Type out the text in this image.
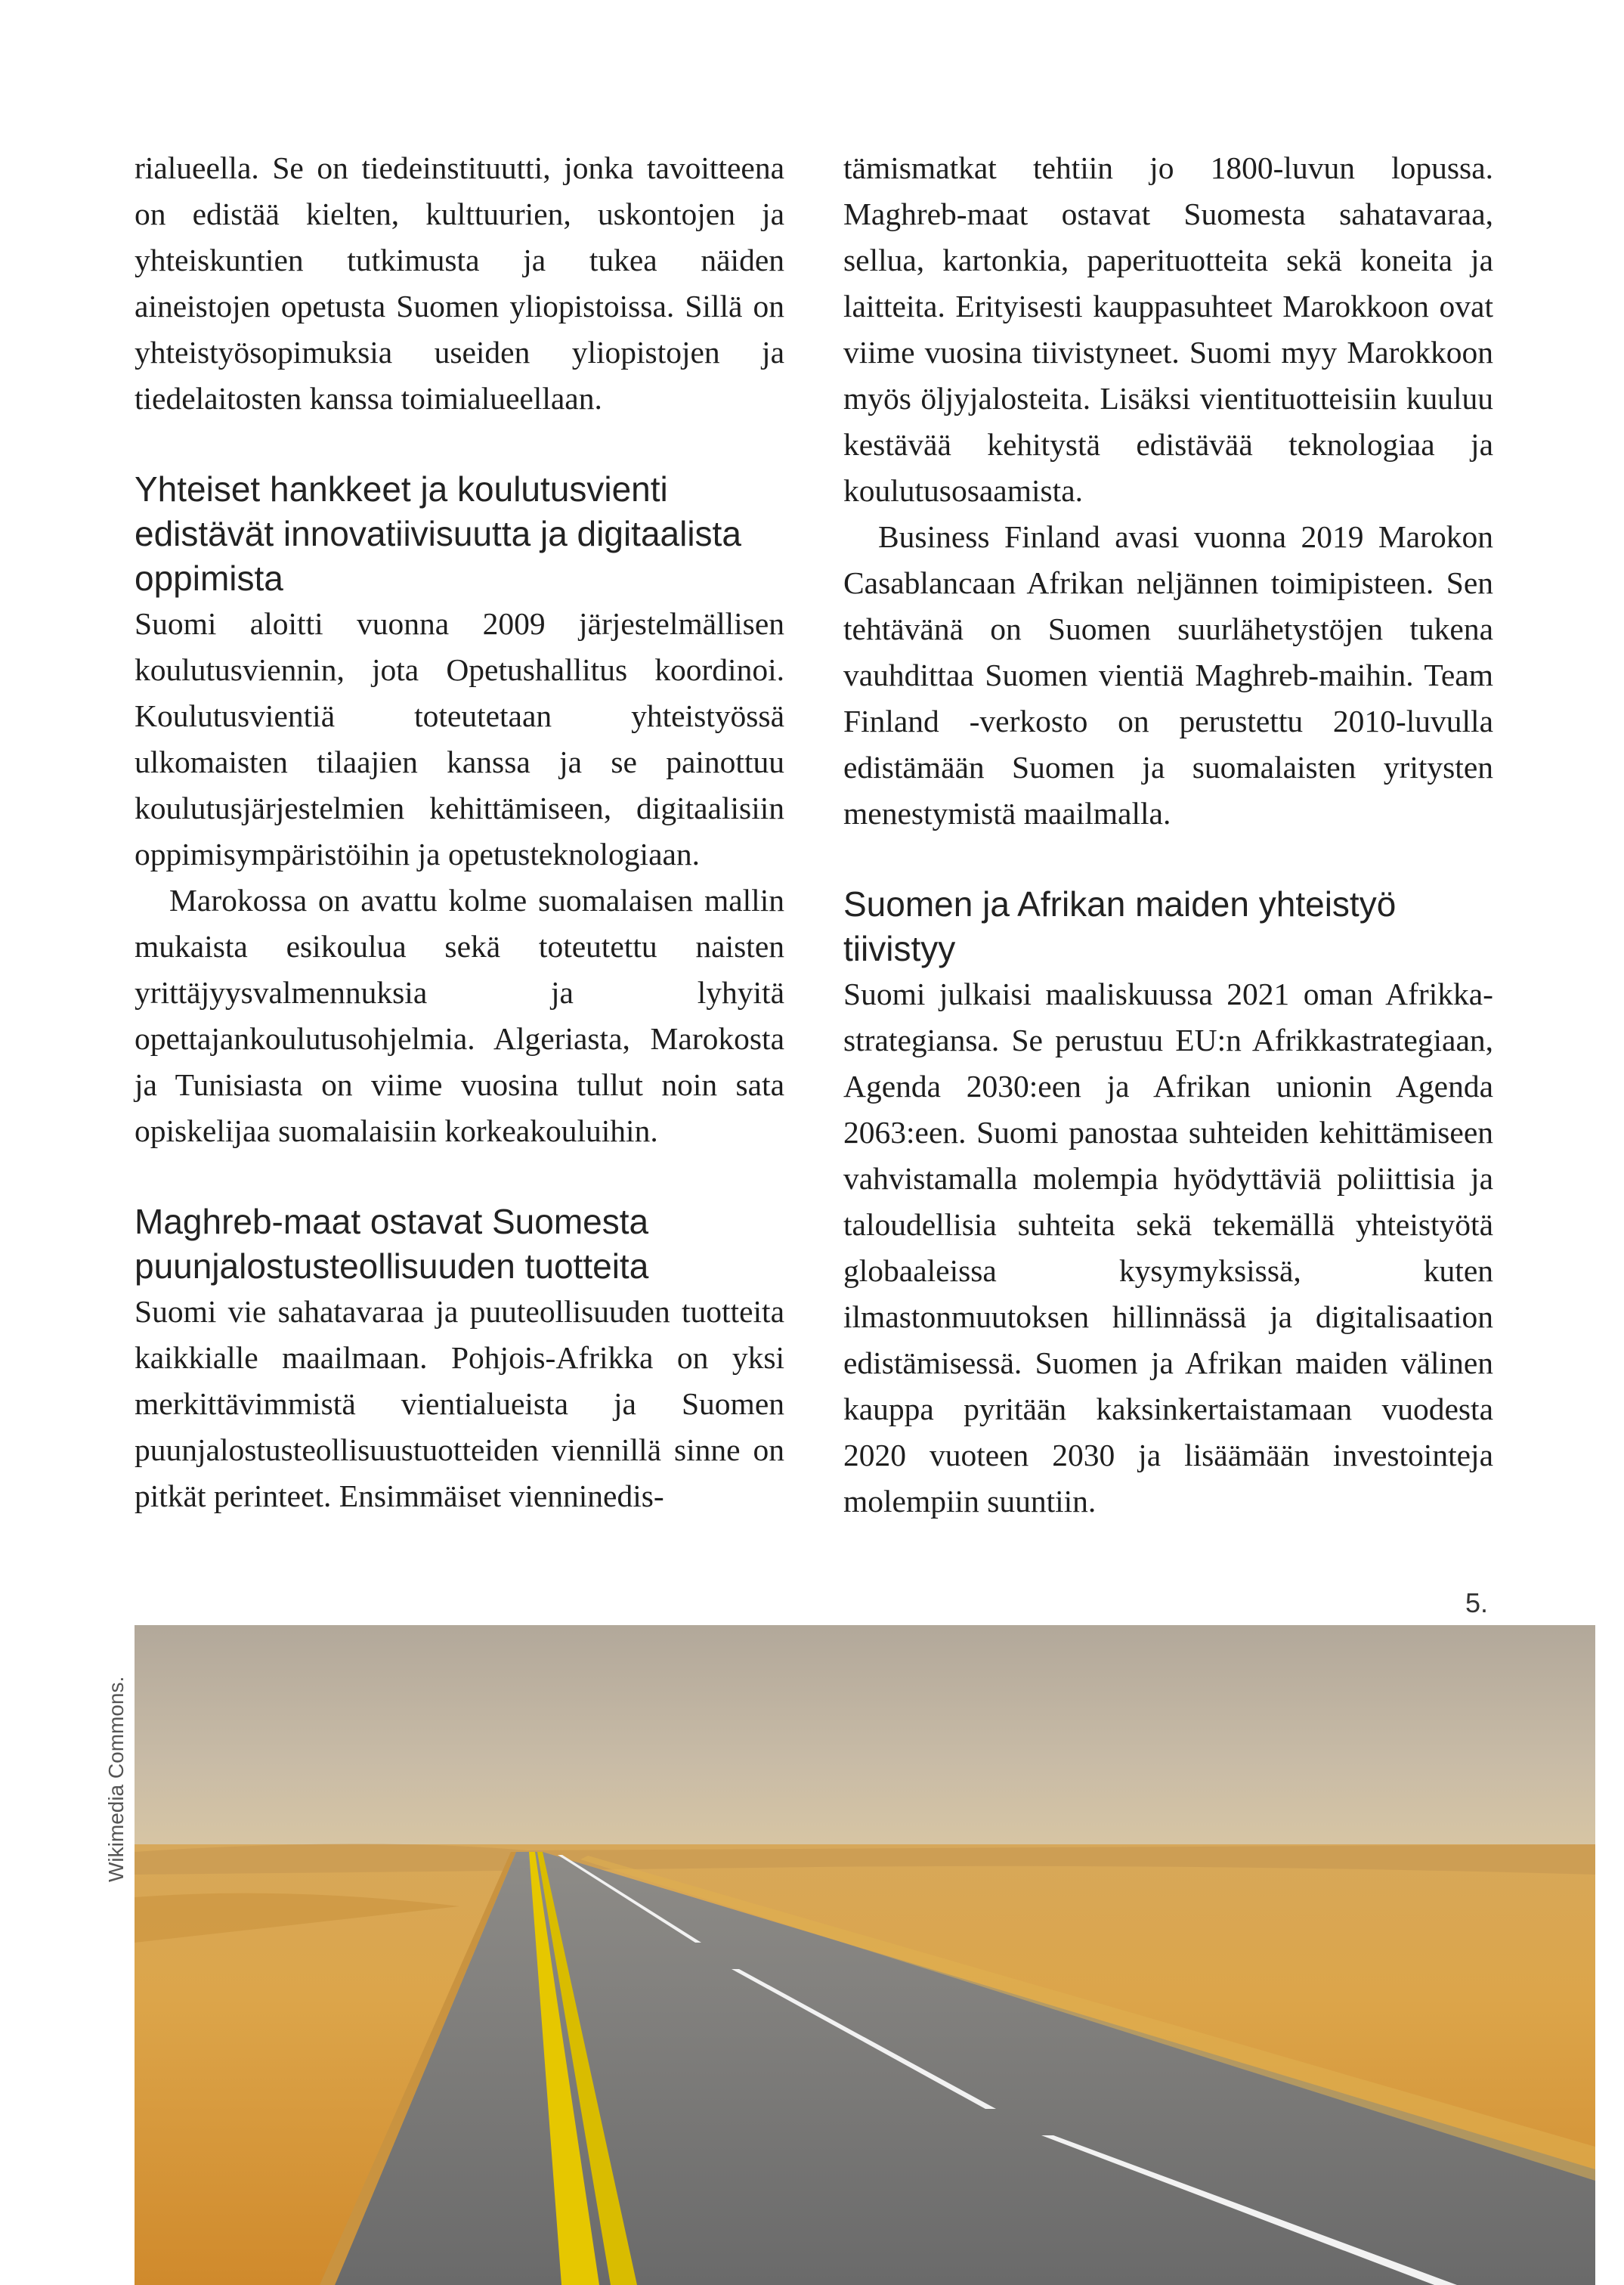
rialueella. Se on tiedeinstituutti, jonka tavoitteena on edistää kielten, kulttuurien, uskontojen ja yhteiskuntien tutkimusta ja tukea näiden aineistojen opetusta Suomen yliopistoissa. Sillä on yhteistyösopimuksia useiden yliopistojen ja tiedelaitosten kanssa toimialueellaan.

Yhteiset hankkeet ja koulutusvienti edistävät innovatiivisuutta ja digitaalista oppimista

Suomi aloitti vuonna 2009 järjestelmällisen koulutusviennin, jota Opetushallitus koordinoi. Koulutusvientiä toteutetaan yhteistyössä ulkomaisten tilaajien kanssa ja se painottuu koulutusjärjestelmien kehittämiseen, digitaalisiin oppimisympäristöihin ja opetusteknologiaan.

Marokossa on avattu kolme suomalaisen mallin mukaista esikoulua sekä toteutettu naisten yrittäjyysvalmennuksia ja lyhyitä opettajankoulutusohjelmia. Algeriasta, Marokosta ja Tunisiasta on viime vuosina tullut noin sata opiskelijaa suomalaisiin korkeakouluihin.

Maghreb-maat ostavat Suomesta puunjalostusteollisuuden tuotteita

Suomi vie sahatavaraa ja puuteollisuuden tuotteita kaikkialle maailmaan. Pohjois-Afrikka on yksi merkittävimmistä vientialueista ja Suomen puunjalostusteollisuustuotteiden viennillä sinne on pitkät perinteet. Ensimmäiset vienninedis-

tämismatkat tehtiin jo 1800-luvun lopussa. Maghreb-maat ostavat Suomesta sahatavaraa, sellua, kartonkia, paperituotteita sekä koneita ja laitteita. Erityisesti kauppasuhteet Marokkoon ovat viime vuosina tiivistyneet. Suomi myy Marokkoon myös öljyjalosteita. Lisäksi vientituotteisiin kuuluu kestävää kehitystä edistävää teknologiaa ja koulutusosaamista.

Business Finland avasi vuonna 2019 Marokon Casablancaan Afrikan neljännen toimipisteen. Sen tehtävänä on Suomen suurlähetystöjen tukena vauhdittaa Suomen vientiä Maghreb-maihin. Team Finland -verkosto on perustettu 2010-luvulla edistämään Suomen ja suomalaisten yritysten menestymistä maailmalla.

Suomen ja Afrikan maiden yhteistyö tiivistyy

Suomi julkaisi maaliskuussa 2021 oman Afrikka-strategiansa. Se perustuu EU:n Afrikkastrategiaan, Agenda 2030:een ja Afrikan unionin Agenda 2063:een. Suomi panostaa suhteiden kehittämiseen vahvistamalla molempia hyödyttäviä poliittisia ja taloudellisia suhteita sekä tekemällä yhteistyötä globaaleissa kysymyksissä, kuten ilmastonmuutoksen hillinnässä ja digitalisaation edistämisessä. Suomen ja Afrikan maiden välinen kauppa pyritään kaksinkertaistamaan vuodesta 2020 vuoteen 2030 ja lisäämään investointeja molempiin suuntiin.

5.
Wikimedia Commons.
